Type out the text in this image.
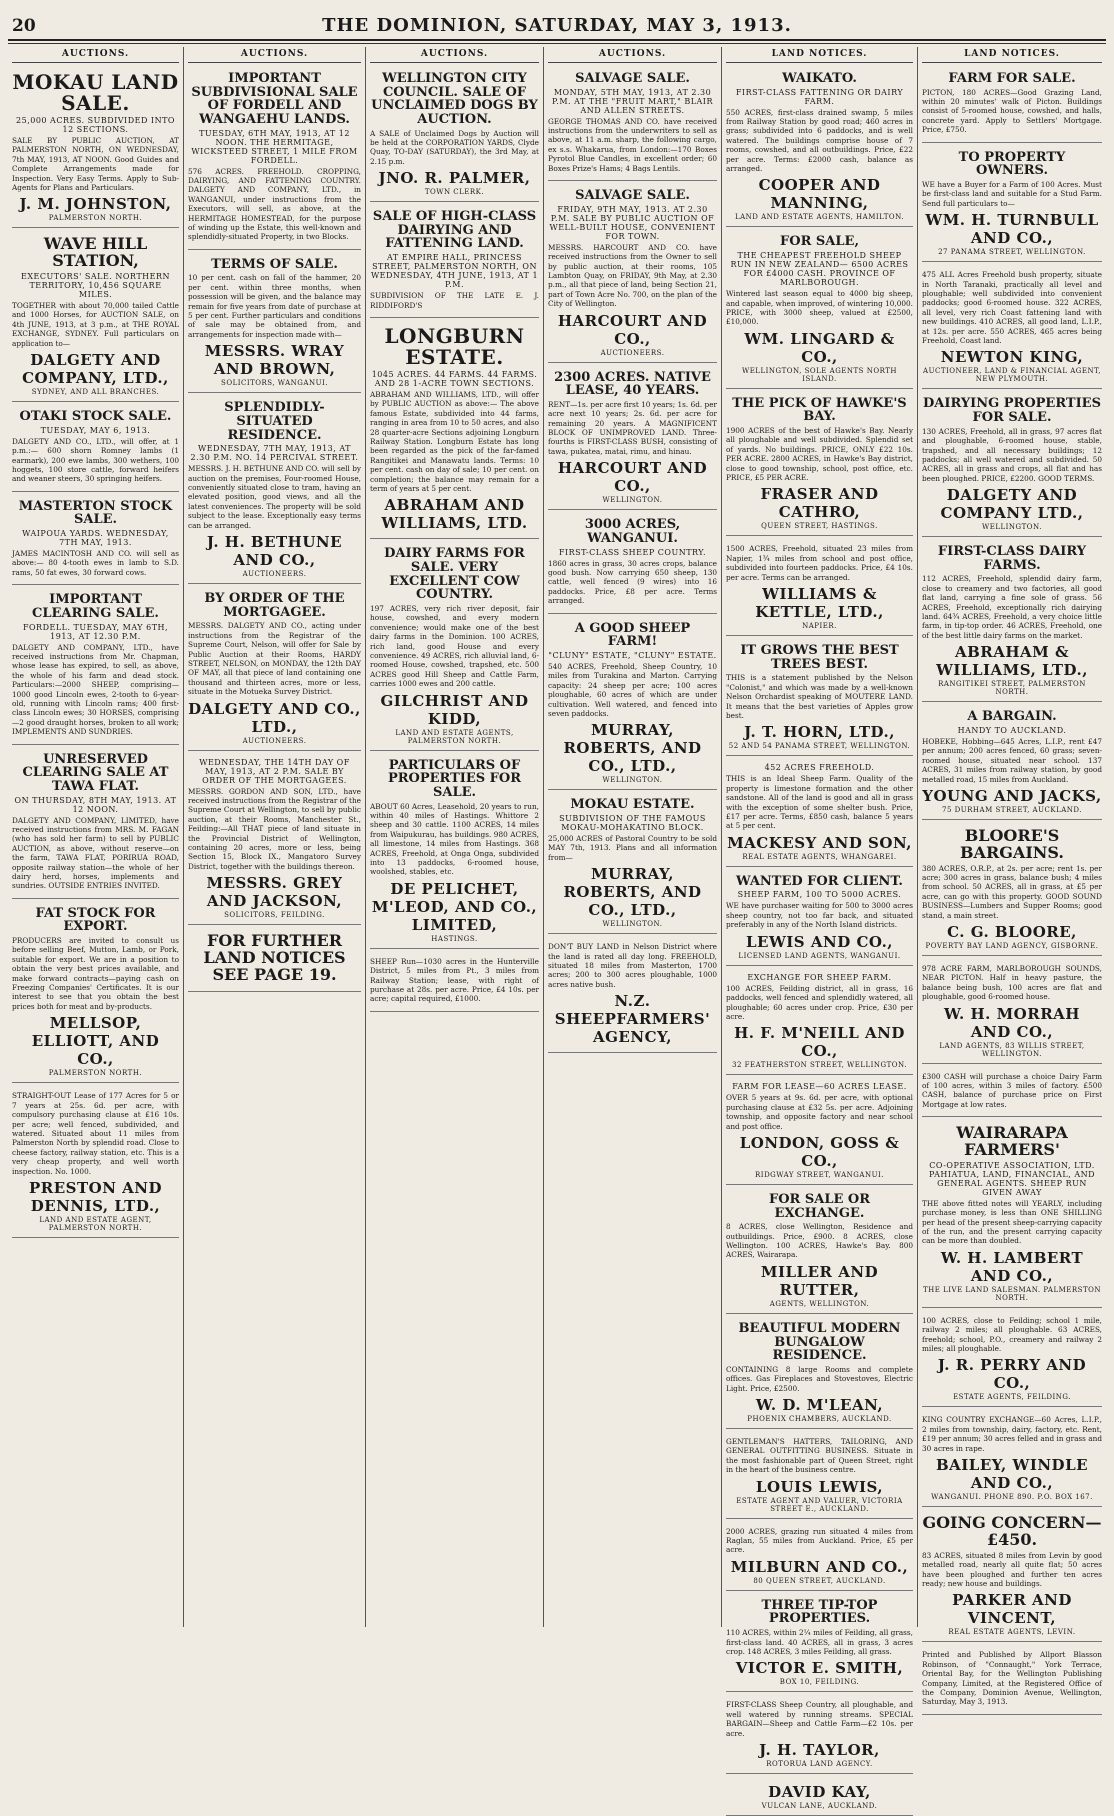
20	THE DOMINION, SATURDAY, MAY 3, 1913.
AUCTIONS.
MOKAU LAND SALE.
25,000 ACRES. SUBDIVIDED INTO 12 SECTIONS.
SALE BY PUBLIC AUCTION, AT PALMERSTON NORTH, ON WEDNESDAY, 7th MAY, 1913, AT NOON. Good Guides and Complete Arrangements made for Inspection. Very Easy Terms. Apply to Sub-Agents for Plans and Particulars.
J. M. JOHNSTON,
PALMERSTON NORTH.
WAVE HILL STATION,
EXECUTORS' SALE. NORTHERN TERRITORY, 10,456 SQUARE MILES.
TOGETHER with about 70,000 tailed Cattle and 1000 Horses, for AUCTION SALE, on 4th JUNE, 1913, at 3 p.m., at THE ROYAL EXCHANGE, SYDNEY. Full particulars on application to—
DALGETY AND COMPANY, LTD.,
SYDNEY, AND ALL BRANCHES.
OTAKI STOCK SALE.
TUESDAY, MAY 6, 1913.
DALGETY AND CO., LTD., will offer, at 1 p.m.:— 600 shorn Romney lambs (1 earmark), 200 ewe lambs, 300 wethers, 100 hoggets, 100 store cattle, forward heifers and weaner steers, 30 springing heifers.
MASTERTON STOCK SALE.
WAIPOUA YARDS. WEDNESDAY, 7TH MAY, 1913.
JAMES MACINTOSH AND CO. will sell as above:— 80 4-tooth ewes in lamb to S.D. rams, 50 fat ewes, 30 forward cows.
IMPORTANT CLEARING SALE.
FORDELL. TUESDAY, MAY 6TH, 1913, AT 12.30 P.M.
DALGETY AND COMPANY, LTD., have received instructions from Mr. Chapman, whose lease has expired, to sell, as above, the whole of his farm and dead stock. Particulars:—2000 SHEEP, comprising—1000 good Lincoln ewes, 2-tooth to 6-year-old, running with Lincoln rams; 400 first-class Lincoln ewes; 30 HORSES, comprising—2 good draught horses, broken to all work; IMPLEMENTS AND SUNDRIES.
UNRESERVED CLEARING SALE AT TAWA FLAT.
ON THURSDAY, 8TH MAY, 1913. AT 12 NOON.
DALGETY AND COMPANY, LIMITED, have received instructions from MRS. M. FAGAN (who has sold her farm) to sell by PUBLIC AUCTION, as above, without reserve—on the farm, TAWA FLAT, PORIRUA ROAD, opposite railway station—the whole of her dairy herd, horses, implements and sundries. OUTSIDE ENTRIES INVITED.
FAT STOCK FOR EXPORT.
PRODUCERS are invited to consult us before selling Beef, Mutton, Lamb, or Pork, suitable for export. We are in a position to obtain the very best prices available, and make forward contracts—paying cash on Freezing Companies' Certificates. It is our interest to see that you obtain the best prices both for meat and by-products.
MELLSOP, ELLIOTT, AND CO.,
PALMERSTON NORTH.
STRAIGHT-OUT Lease of 177 Acres for 5 or 7 years at 25s. 6d. per acre, with compulsory purchasing clause at £16 10s. per acre; well fenced, subdivided, and watered. Situated about 11 miles from Palmerston North by splendid road. Close to cheese factory, railway station, etc. This is a very cheap property, and well worth inspection. No. 1000.
PRESTON AND DENNIS, LTD.,
LAND AND ESTATE AGENT, PALMERSTON NORTH.
AUCTIONS.
IMPORTANT SUBDIVISIONAL SALE OF FORDELL AND WANGAEHU LANDS.
TUESDAY, 6TH MAY, 1913, AT 12 NOON. THE HERMITAGE, WICKSTEED STREET, 1 MILE FROM FORDELL.
576 ACRES. FREEHOLD. CROPPING, DAIRYING, AND FATTENING COUNTRY. DALGETY AND COMPANY, LTD., in WANGANUI, under instructions from the Executors, will sell, as above, at the HERMITAGE HOMESTEAD, for the purpose of winding up the Estate, this well-known and splendidly-situated Property, in two Blocks.
TERMS OF SALE.
10 per cent. cash on fall of the hammer, 20 per cent. within three months, when possession will be given, and the balance may remain for five years from date of purchase at 5 per cent. Further particulars and conditions of sale may be obtained from, and arrangements for inspection made with—
MESSRS. WRAY AND BROWN,
SOLICITORS, WANGANUI.
SPLENDIDLY-SITUATED RESIDENCE.
WEDNESDAY, 7TH MAY, 1913, AT 2.30 P.M. NO. 14 PERCIVAL STREET.
MESSRS. J. H. BETHUNE AND CO. will sell by auction on the premises, Four-roomed House, conveniently situated close to tram, having an elevated position, good views, and all the latest conveniences. The property will be sold subject to the lease. Exceptionally easy terms can be arranged.
J. H. BETHUNE AND CO.,
AUCTIONEERS.
BY ORDER OF THE MORTGAGEE.
MESSRS. DALGETY AND CO., acting under instructions from the Registrar of the Supreme Court, Nelson, will offer for Sale by Public Auction at their Rooms, HARDY STREET, NELSON, on MONDAY, the 12th DAY OF MAY, all that piece of land containing one thousand and thirteen acres, more or less, situate in the Motueka Survey District.
DALGETY AND CO., LTD.,
AUCTIONEERS.
WEDNESDAY, THE 14TH DAY OF MAY, 1913, AT 2 P.M. SALE BY ORDER OF THE MORTGAGEES.
MESSRS. GORDON AND SON, LTD., have received instructions from the Registrar of the Supreme Court at Wellington, to sell by public auction, at their Rooms, Manchester St., Feilding:—All THAT piece of land situate in the Provincial District of Wellington, containing 20 acres, more or less, being Section 15, Block IX., Mangatoro Survey District, together with the buildings thereon.
MESSRS. GREY AND JACKSON,
SOLICITORS, FEILDING.
FOR FURTHER LAND NOTICES SEE PAGE 19.
AUCTIONS.
WELLINGTON CITY COUNCIL. SALE OF UNCLAIMED DOGS BY AUCTION.
A SALE of Unclaimed Dogs by Auction will be held at the CORPORATION YARDS, Clyde Quay, TO-DAY (SATURDAY), the 3rd May, at 2.15 p.m.
JNO. R. PALMER,
TOWN CLERK.
SALE OF HIGH-CLASS DAIRYING AND FATTENING LAND.
AT EMPIRE HALL, PRINCESS STREET, PALMERSTON NORTH, ON WEDNESDAY, 4TH JUNE, 1913, AT 1 P.M.
SUBDIVISION OF THE LATE E. J. RIDDIFORD'S
LONGBURN ESTATE.
1045 ACRES. 44 FARMS. 44 FARMS. AND 28 1-ACRE TOWN SECTIONS.
ABRAHAM AND WILLIAMS, LTD., will offer by PUBLIC AUCTION as above:— The above famous Estate, subdivided into 44 farms, ranging in area from 10 to 50 acres, and also 28 quarter-acre Sections adjoining Longburn Railway Station. Longburn Estate has long been regarded as the pick of the far-famed Rangitikei and Manawatu lands. Terms: 10 per cent. cash on day of sale; 10 per cent. on completion; the balance may remain for a term of years at 5 per cent.
ABRAHAM AND WILLIAMS, LTD.
DAIRY FARMS FOR SALE. VERY EXCELLENT COW COUNTRY.
197 ACRES, very rich river deposit, fair house, cowshed, and every modern convenience; would make one of the best dairy farms in the Dominion. 100 ACRES, rich land, good House and every convenience. 49 ACRES, rich alluvial land, 6-roomed House, cowshed, trapshed, etc. 500 ACRES good Hill Sheep and Cattle Farm, carries 1000 ewes and 200 cattle.
GILCHRIST AND KIDD,
LAND AND ESTATE AGENTS, PALMERSTON NORTH.
PARTICULARS OF PROPERTIES FOR SALE.
ABOUT 60 Acres, Leasehold, 20 years to run, within 40 miles of Hastings. Whittore 2 sheep and 30 cattle. 1100 ACRES, 14 miles from Waipukurau, has buildings. 980 ACRES, all limestone, 14 miles from Hastings. 368 ACRES, Freehold, at Onga Onga, subdivided into 13 paddocks, 6-roomed house, woolshed, stables, etc.
DE PELICHET, M'LEOD, AND CO., LIMITED,
HASTINGS.
SHEEP Run—1030 acres in the Hunterville District, 5 miles from Pt., 3 miles from Railway Station; lease, with right of purchase at 28s. per acre. Price, £4 10s. per acre; capital required, £1000.
AUCTIONS.
SALVAGE SALE.
MONDAY, 5TH MAY, 1913, AT 2.30 P.M. AT THE "FRUIT MART," BLAIR AND ALLEN STREETS.
GEORGE THOMAS AND CO. have received instructions from the underwriters to sell as above, at 11 a.m. sharp, the following cargo, ex s.s. Whakarua, from London:—170 Boxes Pyrotol Blue Candles, in excellent order; 60 Boxes Prize's Hams; 4 Bags Lentils.
SALVAGE SALE.
FRIDAY, 9TH MAY, 1913. AT 2.30 P.M. SALE BY PUBLIC AUCTION OF WELL-BUILT HOUSE, CONVENIENT FOR TOWN.
MESSRS. HARCOURT AND CO. have received instructions from the Owner to sell by public auction, at their rooms, 105 Lambton Quay, on FRIDAY, 9th May, at 2.30 p.m., all that piece of land, being Section 21, part of Town Acre No. 700, on the plan of the City of Wellington.
HARCOURT AND CO.,
AUCTIONEERS.
2300 ACRES. NATIVE LEASE, 40 YEARS.
RENT—1s. per acre first 10 years; 1s. 6d. per acre next 10 years; 2s. 6d. per acre for remaining 20 years. A MAGNIFICENT BLOCK OF UNIMPROVED LAND. Three-fourths is FIRST-CLASS BUSH, consisting of tawa, pukatea, matai, rimu, and hinau.
HARCOURT AND CO.,
WELLINGTON.
3000 ACRES, WANGANUI.
FIRST-CLASS SHEEP COUNTRY.
1860 acres in grass, 30 acres crops, balance good bush. Now carrying 650 sheep, 130 cattle, well fenced (9 wires) into 16 paddocks. Price, £8 per acre. Terms arranged.
A GOOD SHEEP FARM!
"CLUNY" ESTATE, "CLUNY" ESTATE.
540 ACRES, Freehold, Sheep Country, 10 miles from Turakina and Marton. Carrying capacity: 24 sheep per acre; 100 acres ploughable, 60 acres of which are under cultivation. Well watered, and fenced into seven paddocks.
MURRAY, ROBERTS, AND CO., LTD.,
WELLINGTON.
MOKAU ESTATE.
SUBDIVISION OF THE FAMOUS MOKAU-MOHAKATINO BLOCK.
25,000 ACRES of Pastoral Country to be sold MAY 7th, 1913. Plans and all information from—
MURRAY, ROBERTS, AND CO., LTD.,
WELLINGTON.
DON'T BUY LAND in Nelson District where the land is rated all day long. FREEHOLD, situated 18 miles from Masterton, 1700 acres; 200 to 300 acres ploughable, 1000 acres native bush.
N.Z. SHEEPFARMERS' AGENCY,
LAND NOTICES.
WAIKATO.
FIRST-CLASS FATTENING OR DAIRY FARM.
550 ACRES, first-class drained swamp, 5 miles from Railway Station by good road; 460 acres in grass; subdivided into 6 paddocks, and is well watered. The buildings comprise house of 7 rooms, cowshed, and all outbuildings. Price, £22 per acre. Terms: £2000 cash, balance as arranged.
COOPER AND MANNING,
LAND AND ESTATE AGENTS, HAMILTON.
FOR SALE,
THE CHEAPEST FREEHOLD SHEEP RUN IN NEW ZEALAND— 6500 ACRES FOR £4000 CASH. PROVINCE OF MARLBOROUGH.
Wintered last season equal to 4000 big sheep, and capable, when improved, of wintering 10,000. PRICE, with 3000 sheep, valued at £2500, £10,000.
WM. LINGARD & CO.,
WELLINGTON, SOLE AGENTS NORTH ISLAND.
THE PICK OF HAWKE'S BAY.
1900 ACRES of the best of Hawke's Bay. Nearly all ploughable and well subdivided. Splendid set of yards. No buildings. PRICE, ONLY £22 10s. PER ACRE. 2800 ACRES, in Hawke's Bay district, close to good township, school, post office, etc. PRICE, £5 PER ACRE.
FRASER AND CATHRO,
QUEEN STREET, HASTINGS.
1500 ACRES, Freehold, situated 23 miles from Napier, 1¾ miles from school and post office, subdivided into fourteen paddocks. Price, £4 10s. per acre. Terms can be arranged.
WILLIAMS & KETTLE, LTD.,
NAPIER.
IT GROWS THE BEST TREES BEST.
THIS is a statement published by the Nelson "Colonist," and which was made by a well-known Nelson Orchardist speaking of MOUTERE LAND. It means that the best varieties of Apples grow best.
J. T. HORN, LTD.,
52 AND 54 PANAMA STREET, WELLINGTON.
452 ACRES FREEHOLD.
THIS is an Ideal Sheep Farm. Quality of the property is limestone formation and the other sandstone. All of the land is good and all in grass with the exception of some shelter bush. Price, £17 per acre. Terms, £850 cash, balance 5 years at 5 per cent.
MACKESY AND SON,
REAL ESTATE AGENTS, WHANGAREI.
WANTED FOR CLIENT.
SHEEP FARM, 100 TO 5000 ACRES.
WE have purchaser waiting for 500 to 3000 acres sheep country, not too far back, and situated preferably in any of the North Island districts.
LEWIS AND CO.,
LICENSED LAND AGENTS, WANGANUI.
EXCHANGE FOR SHEEP FARM.
100 ACRES, Feilding district, all in grass, 16 paddocks, well fenced and splendidly watered, all ploughable; 60 acres under crop. Price, £30 per acre.
H. F. M'NEILL AND CO.,
32 FEATHERSTON STREET, WELLINGTON.
FARM FOR LEASE—60 ACRES LEASE.
OVER 5 years at 9s. 6d. per acre, with optional purchasing clause at £32 5s. per acre. Adjoining township, and opposite factory and near school and post office.
LONDON, GOSS & CO.,
RIDGWAY STREET, WANGANUI.
FOR SALE OR EXCHANGE.
8 ACRES, close Wellington, Residence and outbuildings. Price, £900. 8 ACRES, close Wellington. 100 ACRES, Hawke's Bay. 800 ACRES, Wairarapa.
MILLER AND RUTTER,
AGENTS, WELLINGTON.
BEAUTIFUL MODERN BUNGALOW RESIDENCE.
CONTAINING 8 large Rooms and complete offices. Gas Fireplaces and Stovestoves, Electric Light. Price, £2500.
W. D. M'LEAN,
PHOENIX CHAMBERS, AUCKLAND.
GENTLEMAN'S HATTERS, TAILORING, AND GENERAL OUTFITTING BUSINESS. Situate in the most fashionable part of Queen Street, right in the heart of the business centre.
LOUIS LEWIS,
ESTATE AGENT AND VALUER, VICTORIA STREET E., AUCKLAND.
2000 ACRES, grazing run situated 4 miles from Raglan, 55 miles from Auckland. Price, £5 per acre.
MILBURN AND CO.,
80 QUEEN STREET, AUCKLAND.
THREE TIP-TOP PROPERTIES.
110 ACRES, within 2¼ miles of Feilding, all grass, first-class land. 40 ACRES, all in grass, 3 acres crop. 148 ACRES, 3 miles Feilding, all grass.
VICTOR E. SMITH,
BOX 10, FEILDING.
FIRST-CLASS Sheep Country, all ploughable, and well watered by running streams. SPECIAL BARGAIN—Sheep and Cattle Farm—£2 10s. per acre.
J. H. TAYLOR,
ROTORUA LAND AGENCY.
DAVID KAY,
VULCAN LANE, AUCKLAND.
LAND NOTICES.
FARM FOR SALE.
PICTON, 180 ACRES—Good Grazing Land, within 20 minutes' walk of Picton. Buildings consist of 5-roomed house, cowshed, and halls, concrete yard. Apply to Settlers' Mortgage. Price, £750.
TO PROPERTY OWNERS.
WE have a Buyer for a Farm of 100 Acres. Must be first-class land and suitable for a Stud Farm. Send full particulars to—
WM. H. TURNBULL AND CO.,
27 PANAMA STREET, WELLINGTON.
475 ALL Acres Freehold bush property, situate in North Taranaki, practically all level and ploughable; well subdivided into convenient paddocks; good 6-roomed house. 322 ACRES, all level, very rich Coast fattening land with new buildings. 410 ACRES, all good land, L.I.P., at 12s. per acre. 550 ACRES, 465 acres being Freehold, Coast land.
NEWTON KING,
AUCTIONEER, LAND & FINANCIAL AGENT, NEW PLYMOUTH.
DAIRYING PROPERTIES FOR SALE.
130 ACRES, Freehold, all in grass, 97 acres flat and ploughable, 6-roomed house, stable, trapshed, and all necessary buildings; 12 paddocks; all well watered and subdivided. 50 ACRES, all in grass and crops, all flat and has been ploughed. PRICE, £2200. GOOD TERMS.
DALGETY AND COMPANY LTD.,
WELLINGTON.
FIRST-CLASS DAIRY FARMS.
112 ACRES, Freehold, splendid dairy farm, close to creamery and two factories, all good flat land, carrying a fine sole of grass. 56 ACRES, Freehold, exceptionally rich dairying land. 64¾ ACRES, Freehold, a very choice little farm, in tip-top order. 46 ACRES, Freehold, one of the best little dairy farms on the market.
ABRAHAM & WILLIAMS, LTD.,
RANGITIKEI STREET, PALMERSTON NORTH.
A BARGAIN.
HANDY TO AUCKLAND.
HOBEKE, Hobbing—645 Acres, L.I.P., rent £47 per annum; 200 acres fenced, 60 grass; seven-roomed house, situated near school. 137 ACRES, 31 miles from railway station, by good metalled road, 15 miles from Auckland.
YOUNG AND JACKS,
75 DURHAM STREET, AUCKLAND.
BLOORE'S BARGAINS.
380 ACRES, O.R.P., at 2s. per acre; rent 1s. per acre; 300 acres in grass, balance bush; 4 miles from school. 50 ACRES, all in grass, at £5 per acre, can go with this property. GOOD SOUND BUSINESS—Lumbers and Supper Rooms; good stand, a main street.
C. G. BLOORE,
POVERTY BAY LAND AGENCY, GISBORNE.
978 ACRE FARM, MARLBOROUGH SOUNDS, NEAR PICTON. Half in heavy pasture, the balance being bush, 100 acres are flat and ploughable, good 6-roomed house.
W. H. MORRAH AND CO.,
LAND AGENTS, 83 WILLIS STREET, WELLINGTON.
£300 CASH will purchase a choice Dairy Farm of 100 acres, within 3 miles of factory. £500 CASH, balance of purchase price on First Mortgage at low rates.
WAIRARAPA FARMERS'
CO-OPERATIVE ASSOCIATION, LTD. PAHIATUA, LAND, FINANCIAL, AND GENERAL AGENTS. SHEEP RUN GIVEN AWAY
THE above fitted notes will YEARLY, including purchase money, is less than ONE SHILLING per head of the present sheep-carrying capacity of the run, and the present carrying capacity can be more than doubled.
W. H. LAMBERT AND CO.,
THE LIVE LAND SALESMAN. PALMERSTON NORTH.
100 ACRES, close to Feilding; school 1 mile, railway 2 miles; all ploughable. 63 ACRES, freehold; school, P.O., creamery and railway 2 miles; all ploughable.
J. R. PERRY AND CO.,
ESTATE AGENTS, FEILDING.
KING COUNTRY EXCHANGE—60 Acres, L.I.P., 2 miles from township, dairy, factory, etc. Rent, £19 per annum; 30 acres felled and in grass and 30 acres in rape.
BAILEY, WINDLE AND CO.,
WANGANUI. PHONE 890. P.O. BOX 167.
GOING CONCERN—£450.
83 ACRES, situated 8 miles from Levin by good metalled road, nearly all quite flat; 50 acres have been ploughed and further ten acres ready; new house and buildings.
PARKER AND VINCENT,
REAL ESTATE AGENTS, LEVIN.
Printed and Published by Allport Blasson Robinson, of "Connaught," York Terrace, Oriental Bay, for the Wellington Publishing Company, Limited, at the Registered Office of the Company, Dominion Avenue, Wellington, Saturday, May 3, 1913.
